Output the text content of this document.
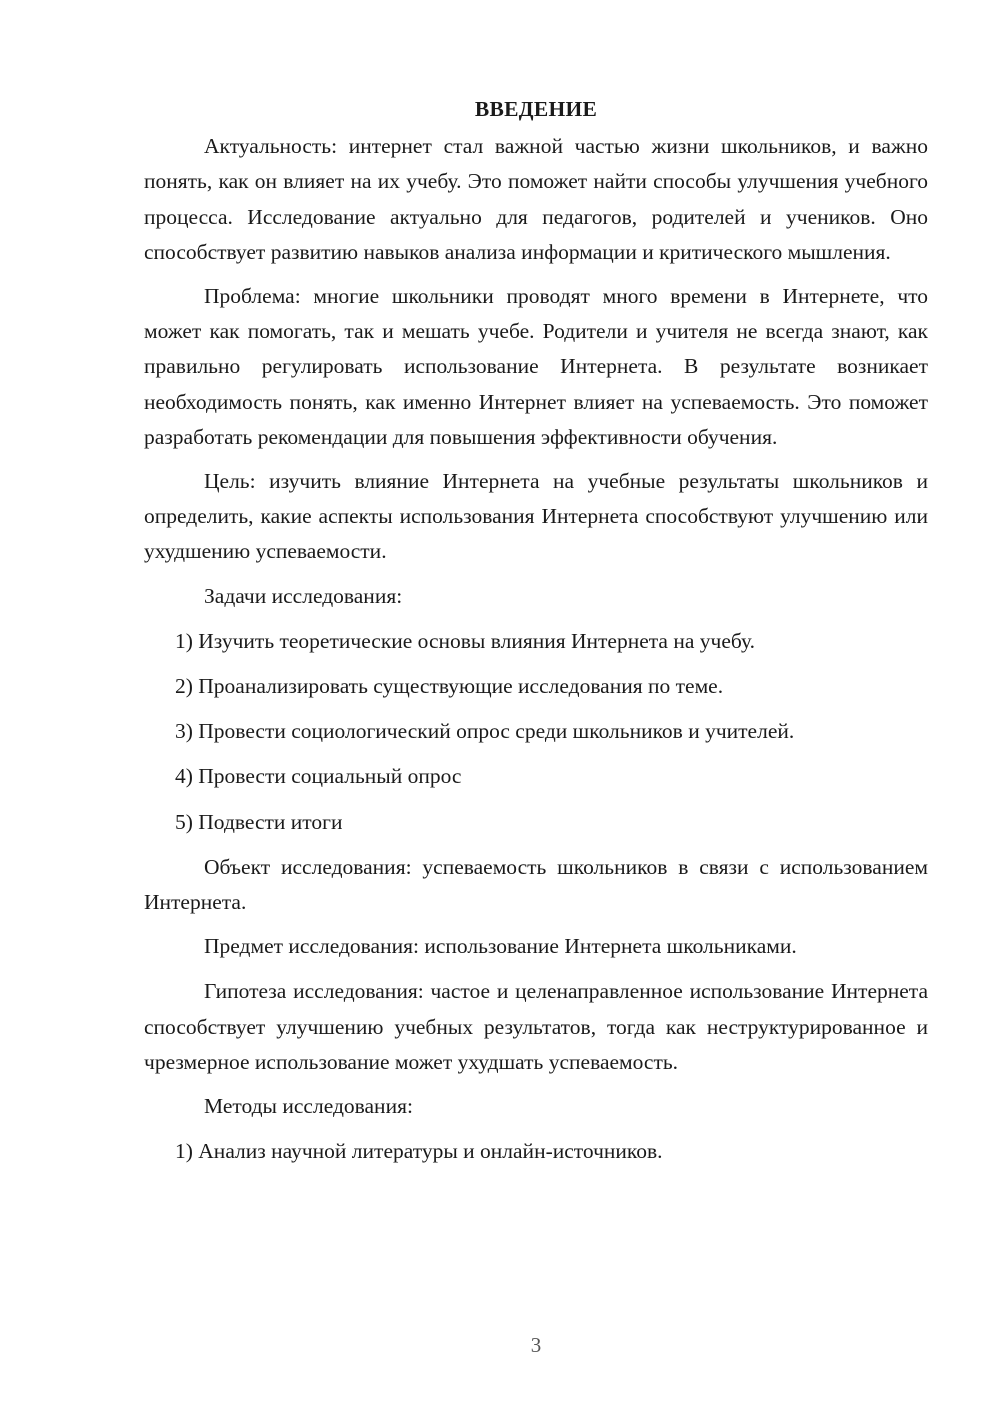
ВВЕДЕНИЕ

Актуальность: интернет стал важной частью жизни школьников, и важно понять, как он влияет на их учебу. Это поможет найти способы улучшения учебного процесса. Исследование актуально для педагогов, родителей и учеников. Оно способствует развитию навыков анализа информации и критического мышления.

Проблема: многие школьники проводят много времени в Интернете, что может как помогать, так и мешать учебе. Родители и учителя не всегда знают, как правильно регулировать использование Интернета. В результате возникает необходимость понять, как именно Интернет влияет на успеваемость. Это поможет разработать рекомендации для повышения эффективности обучения.

Цель: изучить влияние Интернета на учебные результаты школьников и определить, какие аспекты использования Интернета способствуют улучшению или ухудшению успеваемости.

Задачи исследования:

1) Изучить теоретические основы влияния Интернета на учебу.
2) Проанализировать существующие исследования по теме.
3) Провести социологический опрос среди школьников и учителей.
4) Провести социальный опрос
5) Подвести итоги

Объект исследования: успеваемость школьников в связи с использованием Интернета.

Предмет исследования: использование Интернета школьниками.

Гипотеза исследования: частое и целенаправленное использование Интернета способствует улучшению учебных результатов, тогда как неструктурированное и чрезмерное использование может ухудшать успеваемость.

Методы исследования:

1) Анализ научной литературы и онлайн-источников.
3
